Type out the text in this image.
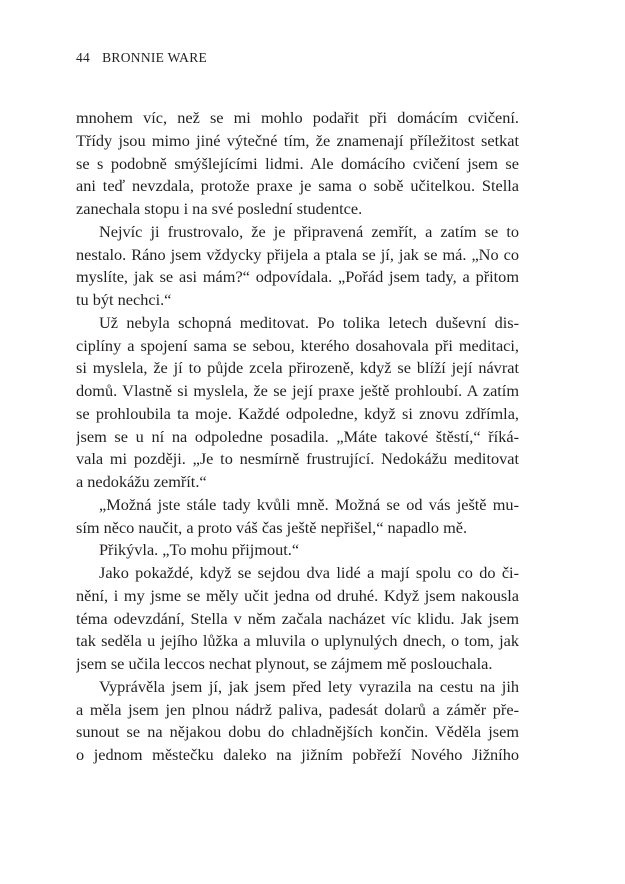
44 BRONNIE WARE
mnohem víc, než se mi mohlo podařit při domácím cvičení.
Třídy jsou mimo jiné výtečné tím, že znamenají příležitost setkat
se s podobně smýšlejícími lidmi. Ale domácího cvičení jsem se
ani teď nevzdala, protože praxe je sama o sobě učitelkou. Stella
zanechala stopu i na své poslední studentce.
Nejvíc ji frustrovalo, že je připravená zemřít, a zatím se to
nestalo. Ráno jsem vždycky přijela a ptala se jí, jak se má. „No co
myslíte, jak se asi mám?“ odpovídala. „Pořád jsem tady, a přitom
tu být nechci.“
Už nebyla schopná meditovat. Po tolika letech duševní dis-
ciplíny a spojení sama se sebou, kterého dosahovala při meditaci,
si myslela, že jí to půjde zcela přirozeně, když se blíží její návrat
domů. Vlastně si myslela, že se její praxe ještě prohloubí. A zatím
se prohloubila ta moje. Každé odpoledne, když si znovu zdřímla,
jsem se u ní na odpoledne posadila. „Máte takové štěstí,“ říká-
vala mi později. „Je to nesmírně frustrující. Nedokážu meditovat
a nedokážu zemřít.“
„Možná jste stále tady kvůli mně. Možná se od vás ještě mu-
sím něco naučit, a proto váš čas ještě nepřišel,“ napadlo mě.
Přikývla. „To mohu přijmout.“
Jako pokaždé, když se sejdou dva lidé a mají spolu co do či-
nění, i my jsme se měly učit jedna od druhé. Když jsem nakousla
téma odevzdání, Stella v něm začala nacházet víc klidu. Jak jsem
tak seděla u jejího lůžka a mluvila o uplynulých dnech, o tom, jak
jsem se učila leccos nechat plynout, se zájmem mě poslouchala.
Vyprávěla jsem jí, jak jsem před lety vyrazila na cestu na jih
a měla jsem jen plnou nádrž paliva, padesát dolarů a záměr pře-
sunout se na nějakou dobu do chladnějších končin. Věděla jsem
o jednom městečku daleko na jižním pobřeží Nového Jižního
